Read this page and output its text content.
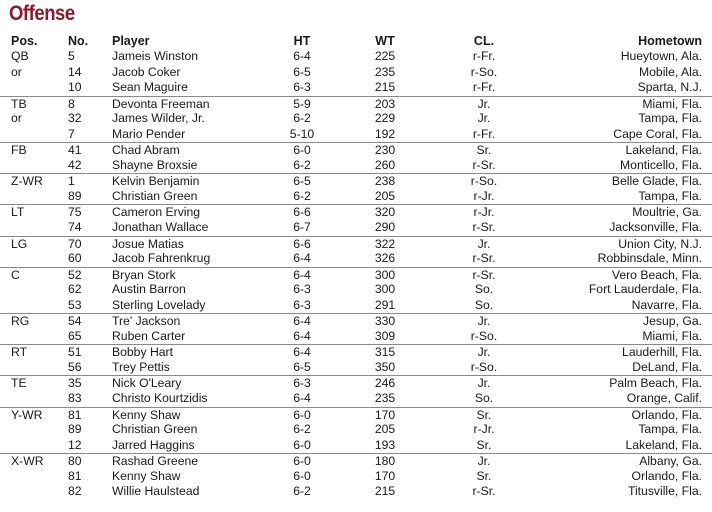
Offense
Pos. No. Player	HT	WT	CL.	Hometown
QB	5	Jameis Winston	6-4	225	r-Fr.	Hueytown, Ala.
or	14 Jacob Coker	6-5	235	r-So.	Mobile, Ala.
10 Sean Maguire	6-3	215	r-Fr.	Sparta, N.J.
TB	8	Devonta Freeman	5-9	203	Jr.	Miami, Fla.
or	32 James Wilder, Jr.	6-2	229	Jr.	Tampa, Fla.
7	Mario Pender	5-10	192	r-Fr.	Cape Coral, Fla.
FB	41 Chad Abram	6-0	230	Sr.	Lakeland, Fla.
42 Shayne Broxsie	6-2	260	r-Sr.	Monticello, Fla.
Z-WR 1	Kelvin Benjamin	6-5	238	r-So.	Belle Glade, Fla.
89 Christian Green	6-2	205	r-Jr.	Tampa, Fla.
LT	75 Cameron Erving	6-6	320	r-Jr.	Moultrie, Ga.
74 Jonathan Wallace	6-7	290	r-Sr.	Jacksonville, Fla.
LG	70 Josue Matias	6-6	322	Jr.	Union City, N.J.
60 Jacob Fahrenkrug	6-4	326	r-Sr.	Robbinsdale, Minn.
C	52 Bryan Stork	6-4	300	r-Sr.	Vero Beach, Fla.
62 Austin Barron	6-3	300	So.	Fort Lauderdale, Fla.
53 Sterling Lovelady	6-3	291	So.	Navarre, Fla.
RG	54 Tre' Jackson	6-4	330	Jr.	Jesup, Ga.
65 Ruben Carter	6-4	309	r-So.	Miami, Fla.
RT	51 Bobby Hart	6-4	315	Jr.	Lauderhill, Fla.
56 Trey Pettis	6-5	350	r-So.	DeLand, Fla.
TE	35 Nick O'Leary	6-3	246	Jr.	Palm Beach, Fla.
83 Christo Kourtzidis	6-4	235	So.	Orange, Calif.
Y-WR 81 Kenny Shaw	6-0	170	Sr.	Orlando, Fla.
89 Christian Green	6-2	205	r-Jr.	Tampa, Fla.
12 Jarred Haggins	6-0	193	Sr.	Lakeland, Fla.
X-WR 80 Rashad Greene	6-0	180	Jr.	Albany, Ga.
81 Kenny Shaw	6-0	170	Sr.	Orlando, Fla.
82 Willie Haulstead	6-2	215	r-Sr.	Titusville, Fla.
